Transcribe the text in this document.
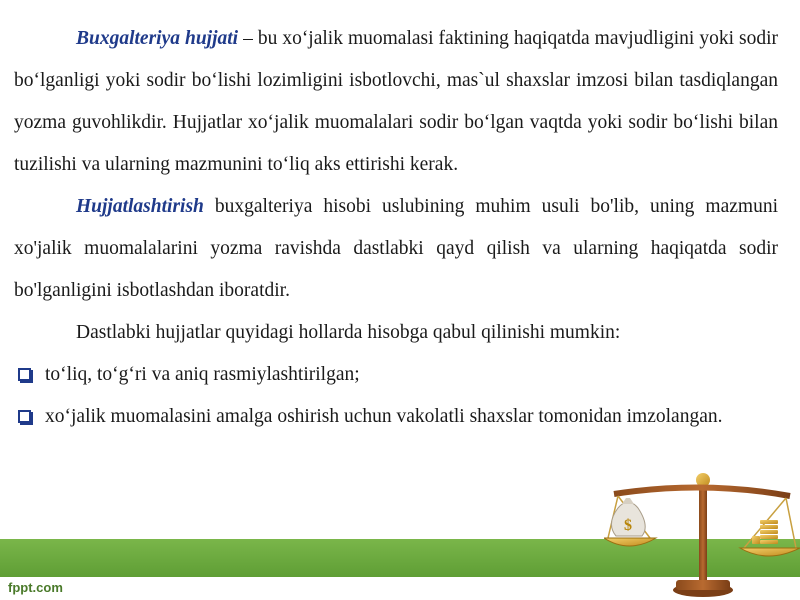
Buxgalteriya hujjati – bu xo‘jalik muomalasi faktining haqiqatda mavjudligini yoki sodir bo‘lganligi yoki sodir bo‘lishi lozimligini isbotlovchi, mas`ul shaxslar imzosi bilan tasdiqlangan yozma guvohlikdir. Hujjatlar xo‘jalik muomalalari sodir bo‘lgan vaqtda yoki sodir bo‘lishi bilan tuzilishi va ularning mazmunini to‘liq aks ettirishi kerak.

Hujjatlashtirish buxgalteriya hisobi uslubining muhim usuli bo'lib, uning mazmuni xo'jalik muomalalarini yozma ravishda dastlabki qayd qilish va ularning haqiqatda sodir bo'lganligini isbotlashdan iboratdir.

Dastlabki hujjatlar quyidagi hollarda hisobga qabul qilinishi mumkin:

to‘liq, to‘g‘ri va aniq rasmiylashtirilgan;
xo‘jalik muomalasini amalga oshirish uchun vakolatli shaxslar tomonidan imzolangan.
fppt.com
$
